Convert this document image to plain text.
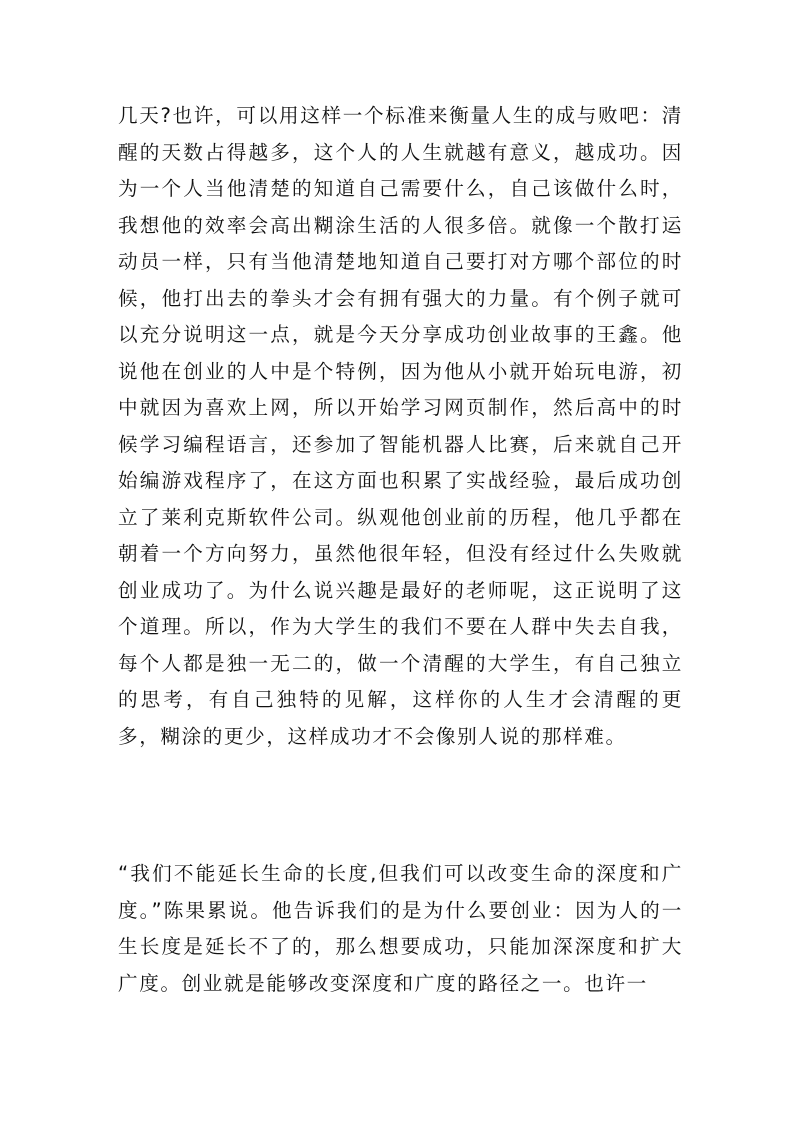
几天?也许，可以用这样一个标准来衡量人生的成与败吧：清醒的天数占得越多，这个人的人生就越有意义，越成功。因为一个人当他清楚的知道自己需要什么，自己该做什么时，我想他的效率会高出糊涂生活的人很多倍。就像一个散打运动员一样，只有当他清楚地知道自己要打对方哪个部位的时候，他打出去的拳头才会有拥有强大的力量。有个例子就可以充分说明这一点，就是今天分享成功创业故事的王鑫。他说他在创业的人中是个特例，因为他从小就开始玩电游，初中就因为喜欢上网，所以开始学习网页制作，然后高中的时候学习编程语言，还参加了智能机器人比赛，后来就自己开始编游戏程序了，在这方面也积累了实战经验，最后成功创立了莱利克斯软件公司。纵观他创业前的历程，他几乎都在朝着一个方向努力，虽然他很年轻，但没有经过什么失败就创业成功了。为什么说兴趣是最好的老师呢，这正说明了这个道理。所以，作为大学生的我们不要在人群中失去自我，每个人都是独一无二的，做一个清醒的大学生，有自己独立的思考，有自己独特的见解，这样你的人生才会清醒的更多，糊涂的更少，这样成功才不会像别人说的那样难。

“我们不能延长生命的长度,但我们可以改变生命的深度和广度。”陈果累说。他告诉我们的是为什么要创业：因为人的一生长度是延长不了的，那么想要成功，只能加深深度和扩大广度。创业就是能够改变深度和广度的路径之一。也许一
